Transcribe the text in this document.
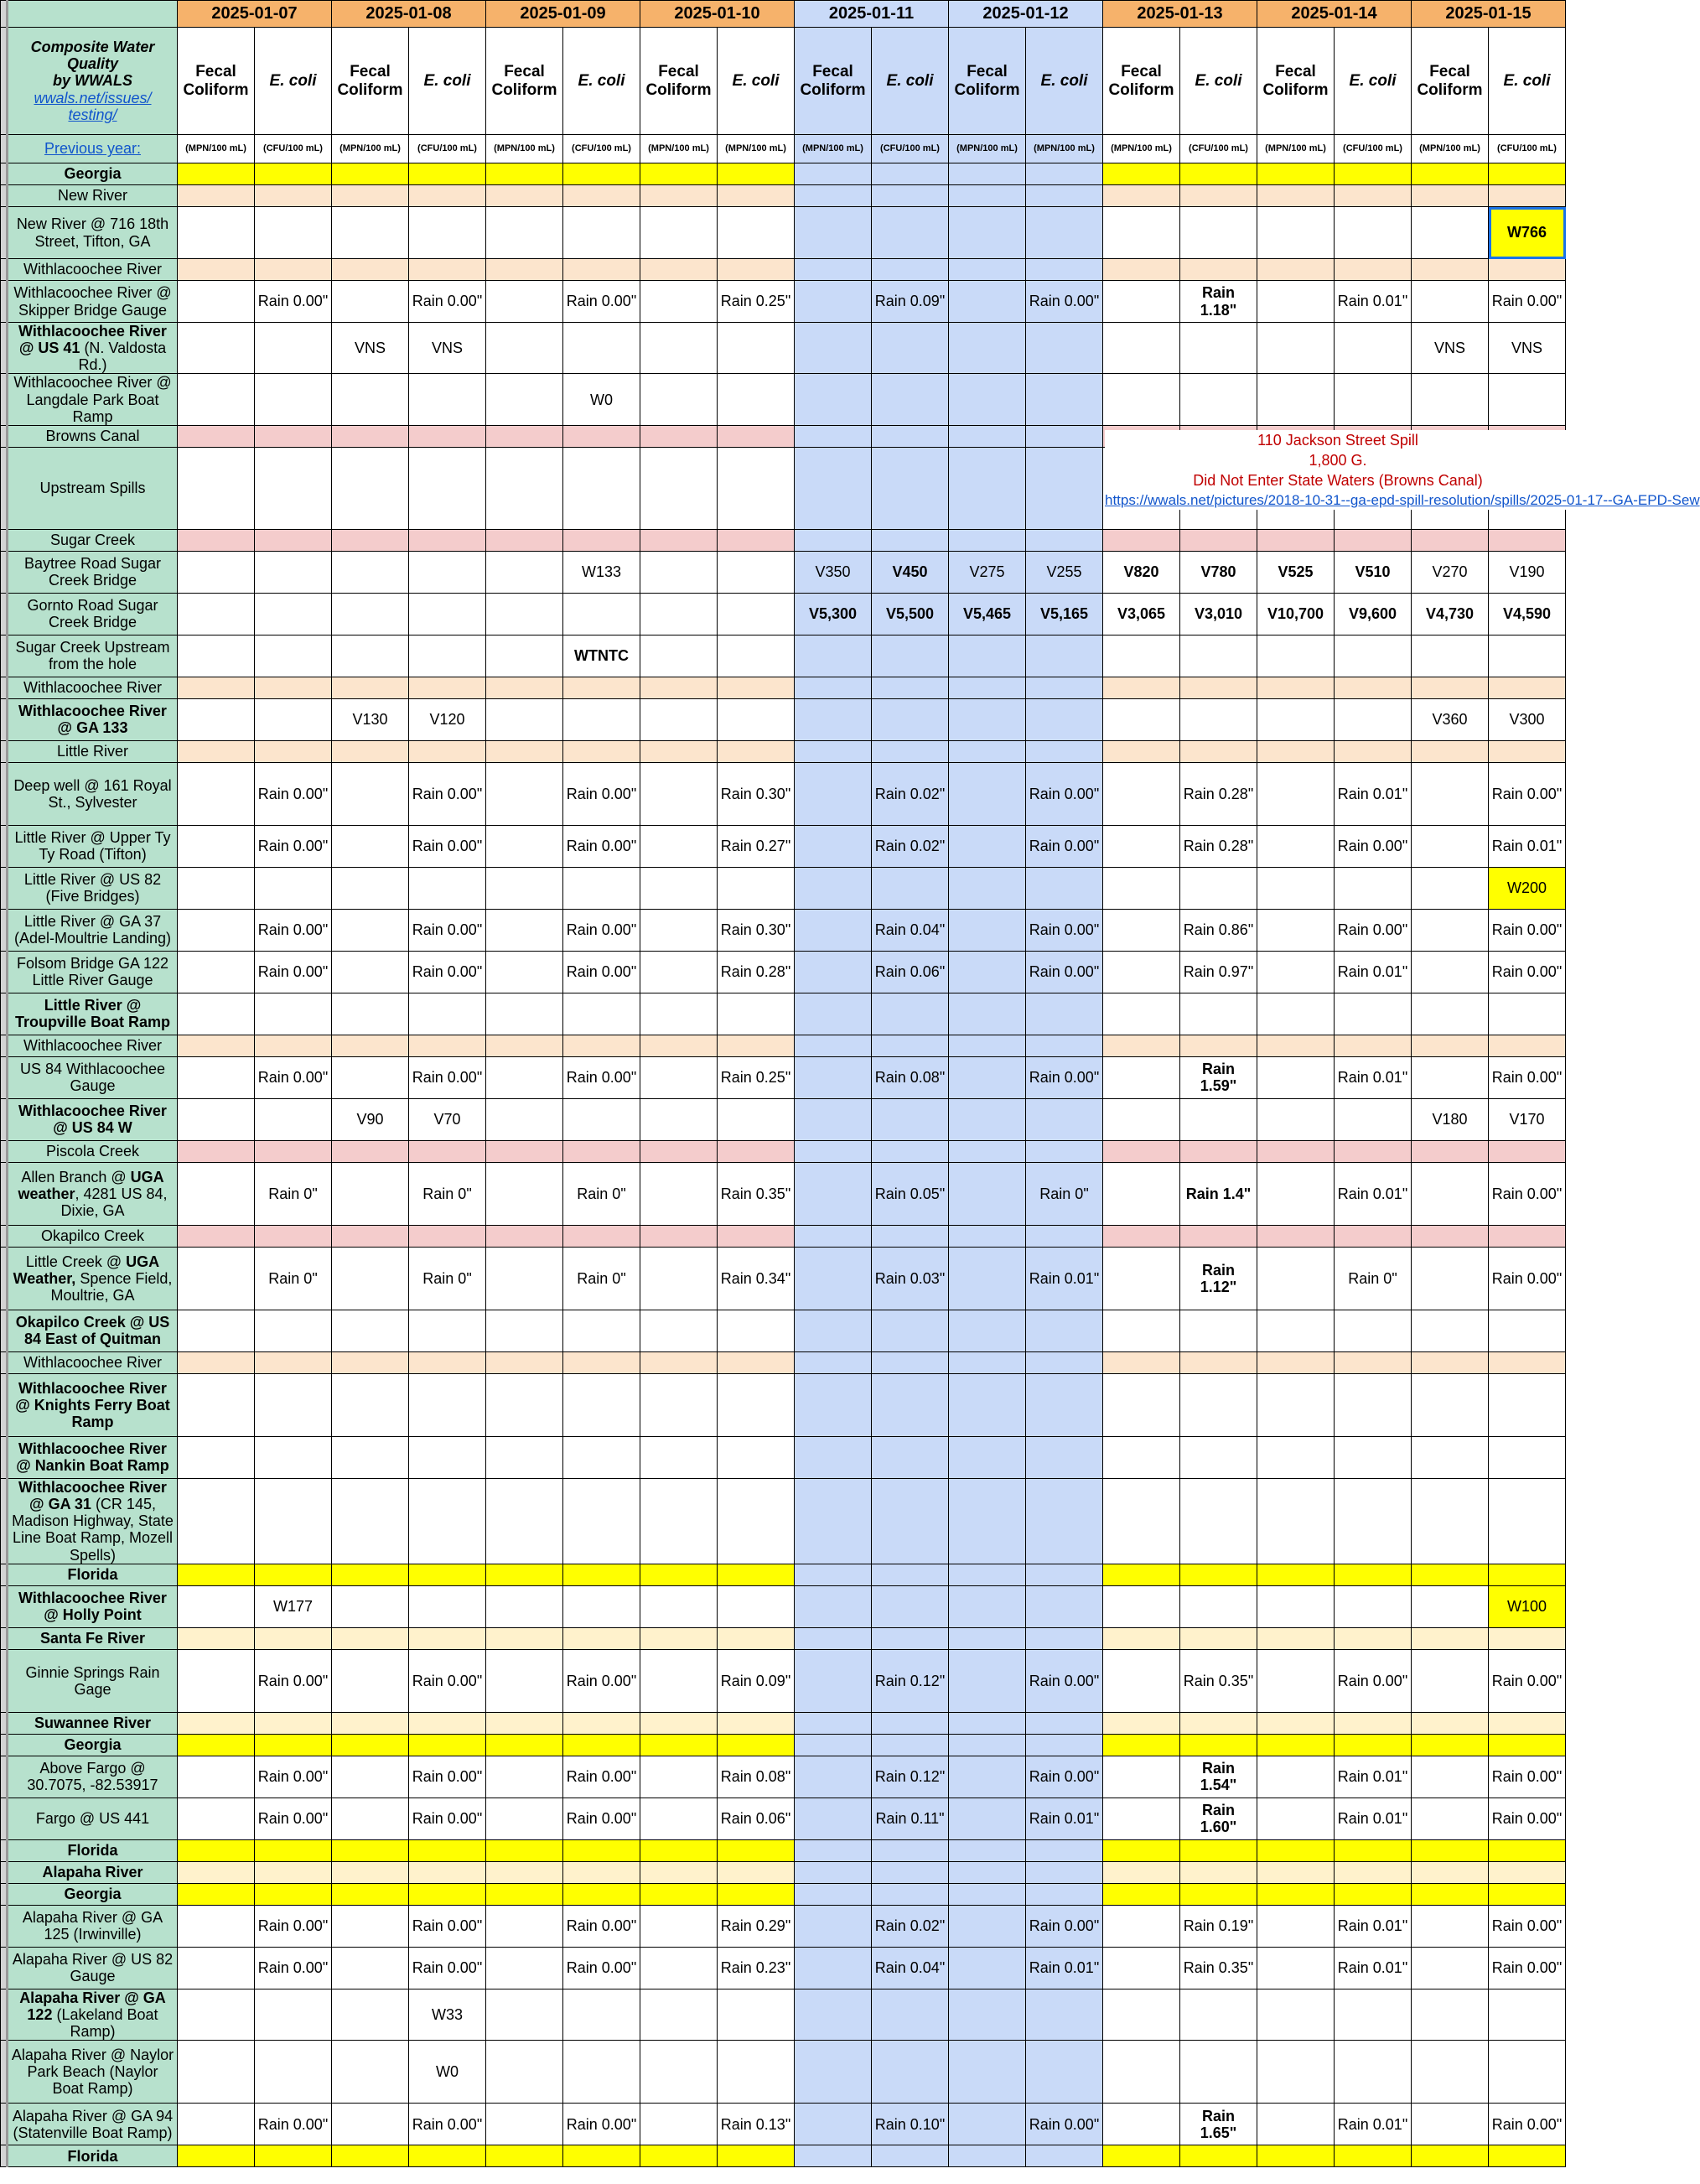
		2025-01-07		2025-01-08		2025-01-09		2025-01-10		2025-01-11		2025-01-12		2025-01-13		2025-01-14		2025-01-15	
	Composite Water
Quality
by WWALS
wwals.net/issues/ testing/	Fecal Coliform	E. coli	Fecal Coliform	E. coli	Fecal Coliform	E. coli	Fecal Coliform	E. coli	Fecal Coliform	E. coli	Fecal Coliform	E. coli	Fecal Coliform	E. coli	Fecal Coliform	E. coli	Fecal Coliform	E. coli
	Previous year:	(MPN/100 mL)	(CFU/100 mL)	(MPN/100 mL)	(CFU/100 mL)	(MPN/100 mL)	(CFU/100 mL)	(MPN/100 mL)	(MPN/100 mL)	(MPN/100 mL)	(CFU/100 mL)	(MPN/100 mL)	(MPN/100 mL)	(MPN/100 mL)	(CFU/100 mL)	(MPN/100 mL)	(CFU/100 mL)	(MPN/100 mL)	(CFU/100 mL)
	Georgia																		
	New River																		
	New River @ 716 18th Street, Tifton, GA																		W766
	Withlacoochee River																		
	Withlacoochee River @ Skipper Bridge Gauge		Rain 0.00"		Rain 0.00"		Rain 0.00"		Rain 0.25"		Rain 0.09"		Rain 0.00"		Rain 1.18"		Rain 0.01"		Rain 0.00"
	Withlacoochee River @ US 41 (N. Valdosta Rd.)			VNS	VNS													VNS	VNS
	Withlacoochee River @ Langdale Park Boat Ramp						W0												
	Browns Canal																		
	Upstream Spills																		
	Sugar Creek																		
	Baytree Road Sugar Creek Bridge						W133			V350	V450	V275	V255	V820	V780	V525	V510	V270	V190
	Gornto Road Sugar Creek Bridge									V5,300	V5,500	V5,465	V5,165	V3,065	V3,010	V10,700	V9,600	V4,730	V4,590
	Sugar Creek Upstream from the hole						WTNTC												
	Withlacoochee River																		
	Withlacoochee River @ GA 133			V130	V120													V360	V300
	Little River																		
	Deep well @ 161 Royal St., Sylvester		Rain 0.00"		Rain 0.00"		Rain 0.00"		Rain 0.30"		Rain 0.02"		Rain 0.00"		Rain 0.28"		Rain 0.01"		Rain 0.00"
	Little River @ Upper Ty Ty Road (Tifton)		Rain 0.00"		Rain 0.00"		Rain 0.00"		Rain 0.27"		Rain 0.02"		Rain 0.00"		Rain 0.28"		Rain 0.00"		Rain 0.01"
	Little River @ US 82 (Five Bridges)																		W200
	Little River @ GA 37 (Adel-Moultrie Landing)		Rain 0.00"		Rain 0.00"		Rain 0.00"		Rain 0.30"		Rain 0.04"		Rain 0.00"		Rain 0.86"		Rain 0.00"		Rain 0.00"
	Folsom Bridge GA 122 Little River Gauge		Rain 0.00"		Rain 0.00"		Rain 0.00"		Rain 0.28"		Rain 0.06"		Rain 0.00"		Rain 0.97"		Rain 0.01"		Rain 0.00"
	Little River @ Troupville Boat Ramp																		
	Withlacoochee River																		
	US 84 Withlacoochee Gauge		Rain 0.00"		Rain 0.00"		Rain 0.00"		Rain 0.25"		Rain 0.08"		Rain 0.00"		Rain 1.59"		Rain 0.01"		Rain 0.00"
	Withlacoochee River @ US 84 W			V90	V70													V180	V170
	Piscola Creek																		
	Allen Branch @ UGA weather, 4281 US 84, Dixie, GA		Rain 0"		Rain 0"		Rain 0"		Rain 0.35"		Rain 0.05"		Rain 0"		Rain 1.4"		Rain 0.01"		Rain 0.00"
	Okapilco Creek																		
	Little Creek @ UGA Weather, Spence Field, Moultrie, GA		Rain 0"		Rain 0"		Rain 0"		Rain 0.34"		Rain 0.03"		Rain 0.01"		Rain 1.12"		Rain 0"		Rain 0.00"
	Okapilco Creek @ US 84 East of Quitman																		
	Withlacoochee River																		
	Withlacoochee River @ Knights Ferry Boat Ramp																		
	Withlacoochee River @ Nankin Boat Ramp																		
	Withlacoochee River @ GA 31 (CR 145, Madison Highway, State Line Boat Ramp, Mozell Spells)																		
	Florida																		
	Withlacoochee River @ Holly Point		W177																W100
	Santa Fe River																		
	Ginnie Springs Rain Gage		Rain 0.00"		Rain 0.00"		Rain 0.00"		Rain 0.09"		Rain 0.12"		Rain 0.00"		Rain 0.35"		Rain 0.00"		Rain 0.00"
	Suwannee River																		
	Georgia																		
	Above Fargo @ 30.7075, -82.53917		Rain 0.00"		Rain 0.00"		Rain 0.00"		Rain 0.08"		Rain 0.12"		Rain 0.00"		Rain 1.54"		Rain 0.01"		Rain 0.00"
	Fargo @ US 441		Rain 0.00"		Rain 0.00"		Rain 0.00"		Rain 0.06"		Rain 0.11"		Rain 0.01"		Rain 1.60"		Rain 0.01"		Rain 0.00"
	Florida																		
	Alapaha River																		
	Georgia																		
	Alapaha River @ GA 125 (Irwinville)		Rain 0.00"		Rain 0.00"		Rain 0.00"		Rain 0.29"		Rain 0.02"		Rain 0.00"		Rain 0.19"		Rain 0.01"		Rain 0.00"
	Alapaha River @ US 82 Gauge		Rain 0.00"		Rain 0.00"		Rain 0.00"		Rain 0.23"		Rain 0.04"		Rain 0.01"		Rain 0.35"		Rain 0.01"		Rain 0.00"
	Alapaha River @ GA 122 (Lakeland Boat Ramp)				W33														
	Alapaha River @ Naylor Park Beach (Naylor Boat Ramp)				W0														
	Alapaha River @ GA 94 (Statenville Boat Ramp)		Rain 0.00"		Rain 0.00"		Rain 0.00"		Rain 0.13"		Rain 0.10"		Rain 0.00"		Rain 1.65"		Rain 0.01"		Rain 0.00"
	Florida																		
110 Jackson Street Spill
1,800 G.
Did Not Enter State Waters (Browns Canal)
https://wwals.net/pictures/2018-10-31--ga-epd-spill-resolution/spills/2025-01-17--GA-EPD-Sew
